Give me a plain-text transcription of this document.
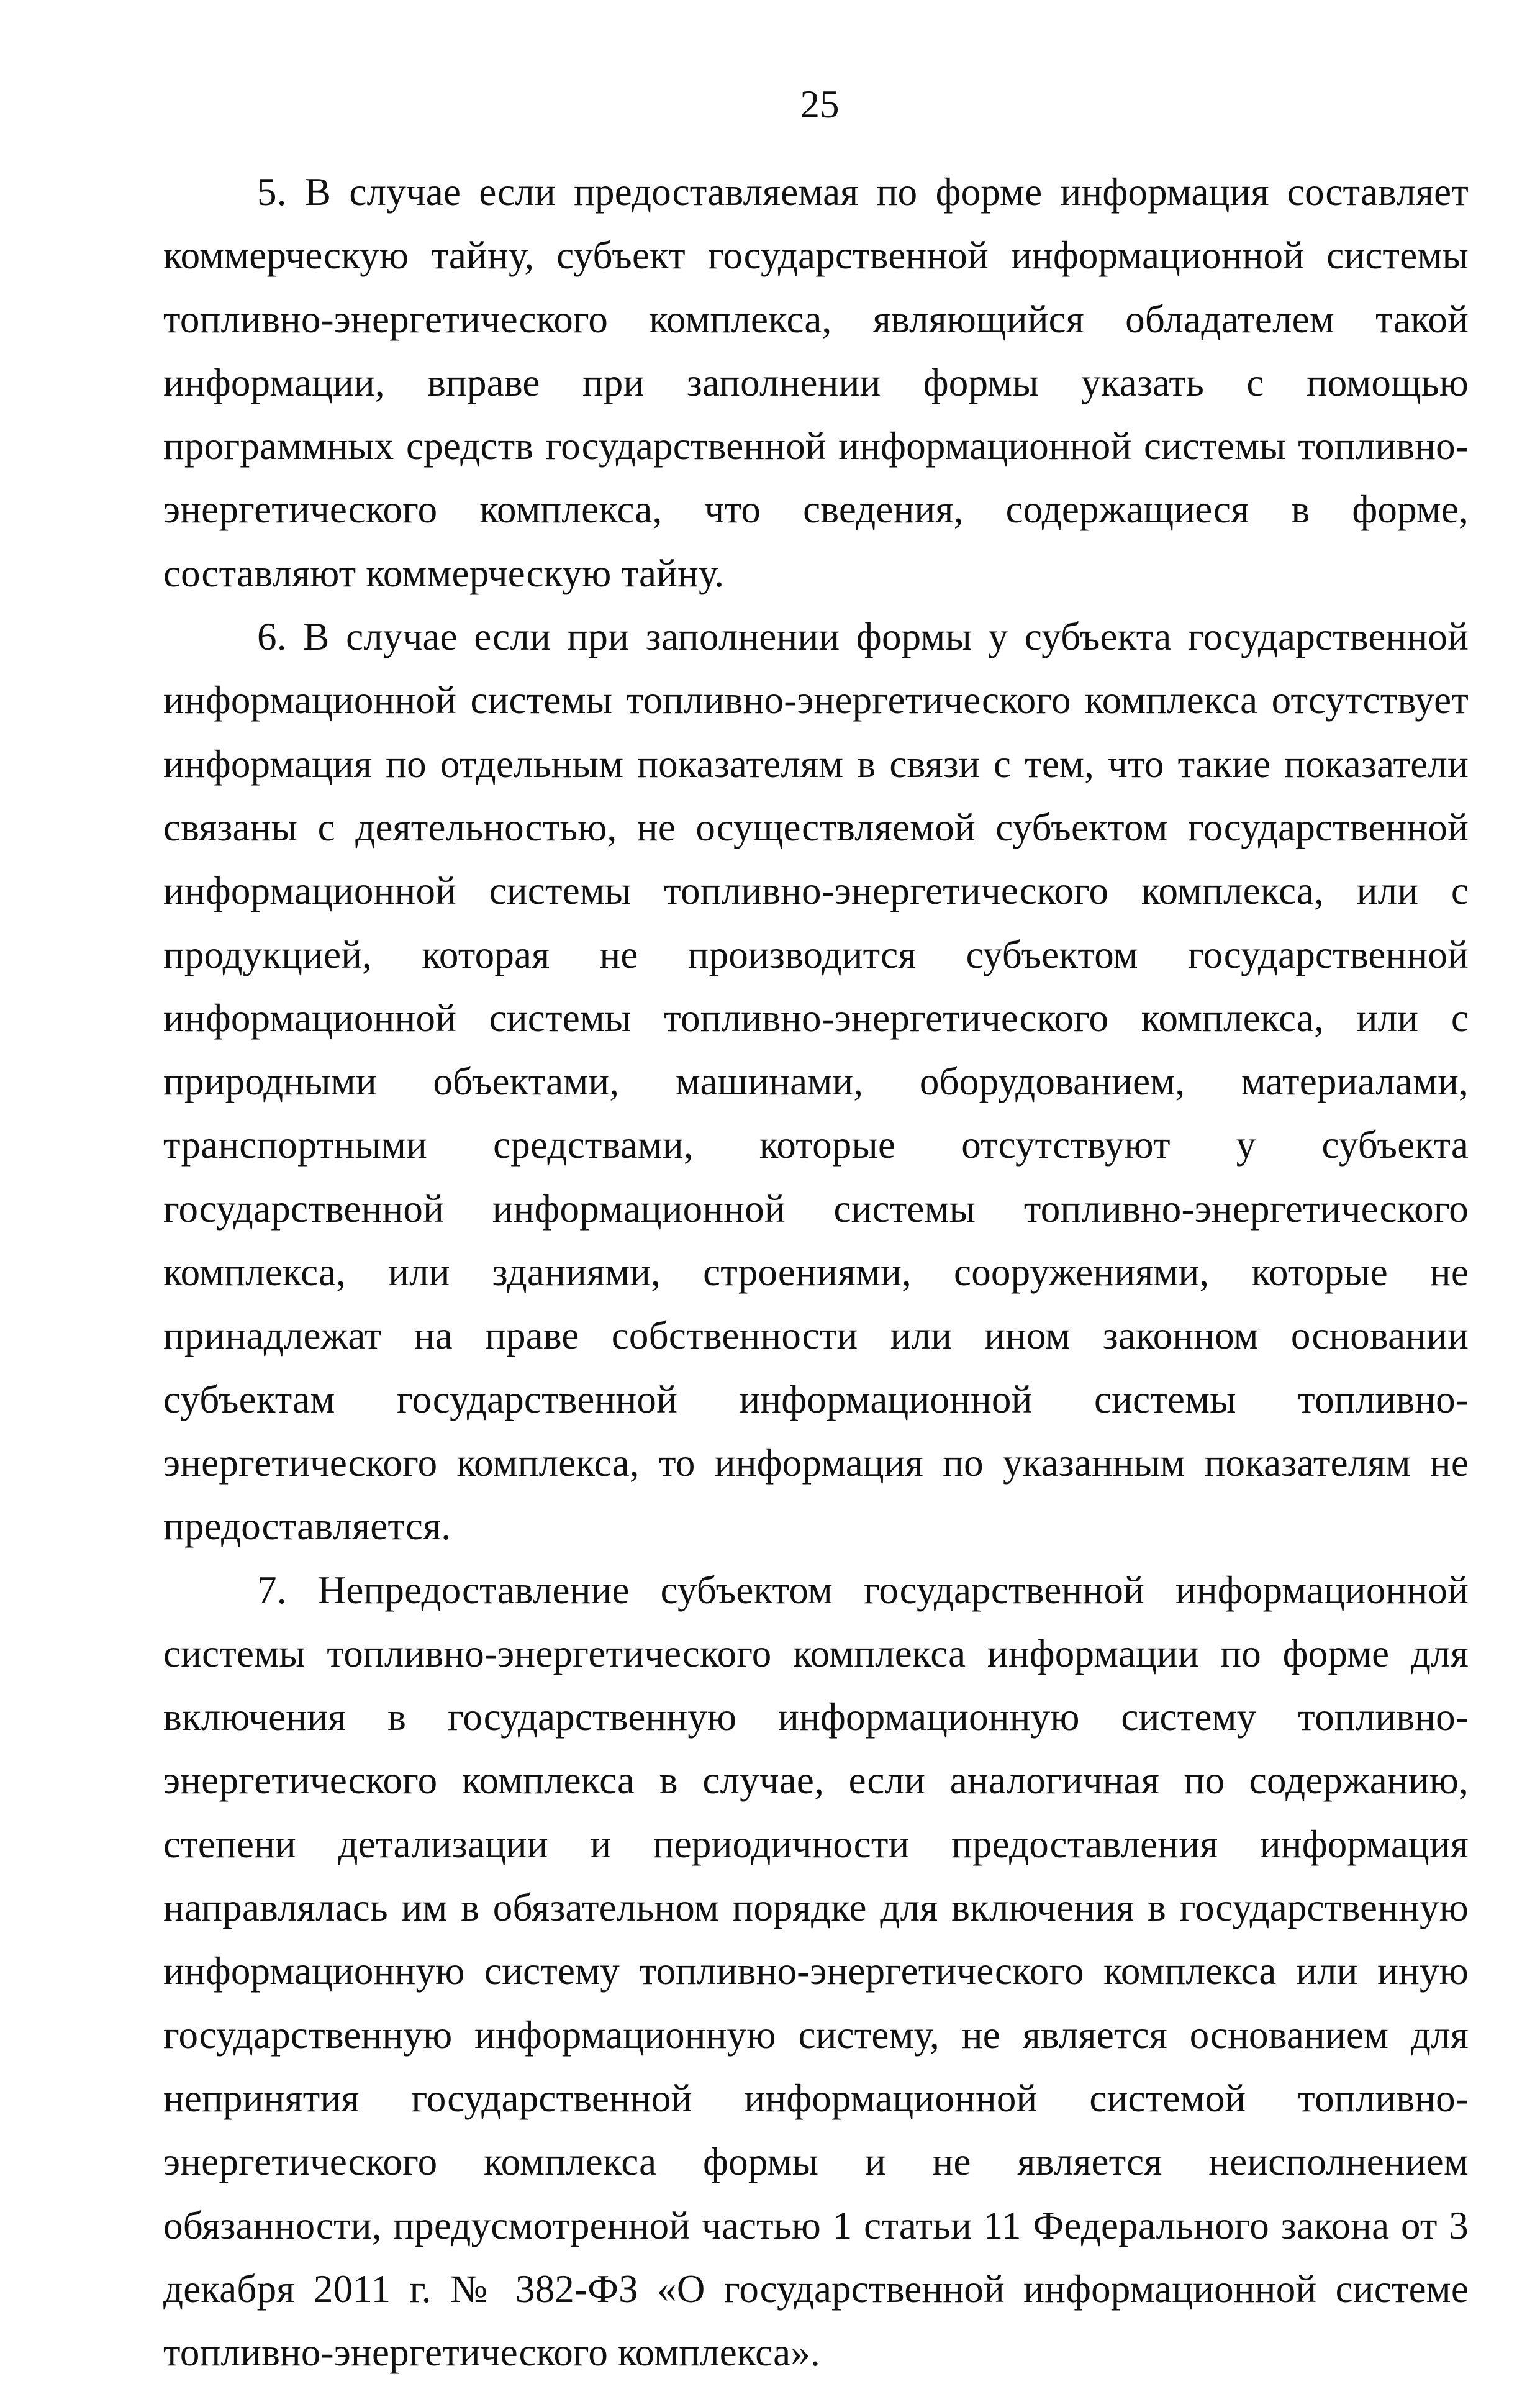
25

5. В случае если предоставляемая по форме информация составляет коммерческую тайну, субъект государственной информационной системы топливно-энергетического комплекса, являющийся обладателем такой информации, вправе при заполнении формы указать с помощью программных средств государственной информационной системы топливно-энергетического комплекса, что сведения, содержащиеся в форме, составляют коммерческую тайну.

6. В случае если при заполнении формы у субъекта государственной информационной системы топливно-энергетического комплекса отсутствует информация по отдельным показателям в связи с тем, что такие показатели связаны с деятельностью, не осуществляемой субъектом государственной информационной системы топливно-энергетического комплекса, или с продукцией, которая не производится субъектом государственной информационной системы топливно-энергетического комплекса, или с природными объектами, машинами, оборудованием, материалами, транспортными средствами, которые отсутствуют у субъекта государственной информационной системы топливно-энергетического комплекса, или зданиями, строениями, сооружениями, которые не принадлежат на праве собственности или ином законном основании субъектам государственной информационной системы топливно-энергетического комплекса, то информация по указанным показателям не предоставляется.

7. Непредоставление субъектом государственной информационной системы топливно-энергетического комплекса информации по форме для включения в государственную информационную систему топливно-энергетического комплекса в случае, если аналогичная по содержанию, степени детализации и периодичности предоставления информация направлялась им в обязательном порядке для включения в государственную информационную систему топливно-энергетического комплекса или иную государственную информационную систему, не является основанием для непринятия государственной информационной системой топливно-энергетического комплекса формы и не является неисполнением обязанности, предусмотренной частью 1 статьи 11 Федерального закона от 3 декабря 2011 г. № 382-ФЗ «О государственной информационной системе топливно-энергетического комплекса».
